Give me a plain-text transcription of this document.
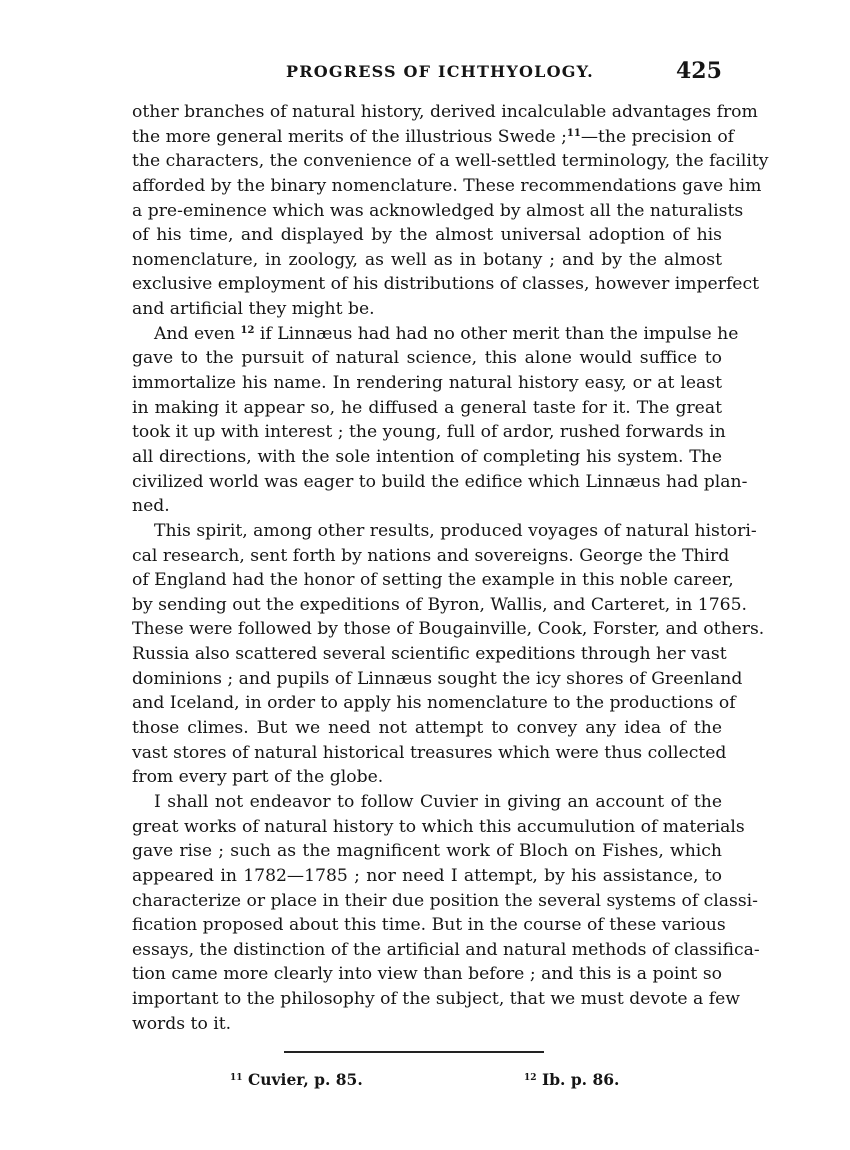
PROGRESS OF ICHTHYOLOGY.	425
other branches of natural history, derived incalculable advantages from
the more general merits of the illustrious Swede ;$^{11}$—the precision of
the characters, the convenience of a well-settled terminology, the facility
afforded by the binary nomenclature. These recommendations gave him
a pre-eminence which was acknowledged by almost all the naturalists
of his time, and displayed by the almost universal adoption of his
nomenclature, in zoology, as well as in botany ; and by the almost
exclusive employment of his distributions of classes, however imperfect
and artificial they might be.
And even $^{12}$ if Linnæus had had no other merit than the impulse he
gave to the pursuit of natural science, this alone would suffice to
immortalize his name. In rendering natural history easy, or at least
in making it appear so, he diffused a general taste for it. The great
took it up with interest ; the young, full of ardor, rushed forwards in
all directions, with the sole intention of completing his system. The
civilized world was eager to build the edifice which Linnæus had plan-
ned.
This spirit, among other results, produced voyages of natural histori-
cal research, sent forth by nations and sovereigns. George the Third
of England had the honor of setting the example in this noble career,
by sending out the expeditions of Byron, Wallis, and Carteret, in 1765.
These were followed by those of Bougainville, Cook, Forster, and others.
Russia also scattered several scientific expeditions through her vast
dominions ; and pupils of Linnæus sought the icy shores of Greenland
and Iceland, in order to apply his nomenclature to the productions of
those climes. But we need not attempt to convey any idea of the
vast stores of natural historical treasures which were thus collected
from every part of the globe.
I shall not endeavor to follow Cuvier in giving an account of the
great works of natural history to which this accumulution of materials
gave rise ; such as the magnificent work of Bloch on Fishes, which
appeared in 1782—1785 ; nor need I attempt, by his assistance, to
characterize or place in their due position the several systems of classi-
fication proposed about this time. But in the course of these various
essays, the distinction of the artificial and natural methods of classifica-
tion came more clearly into view than before ; and this is a point so
important to the philosophy of the subject, that we must devote a few
words to it.
$^{11}$ Cuvier, p. 85.	$^{12}$ Ib. p. 86.
